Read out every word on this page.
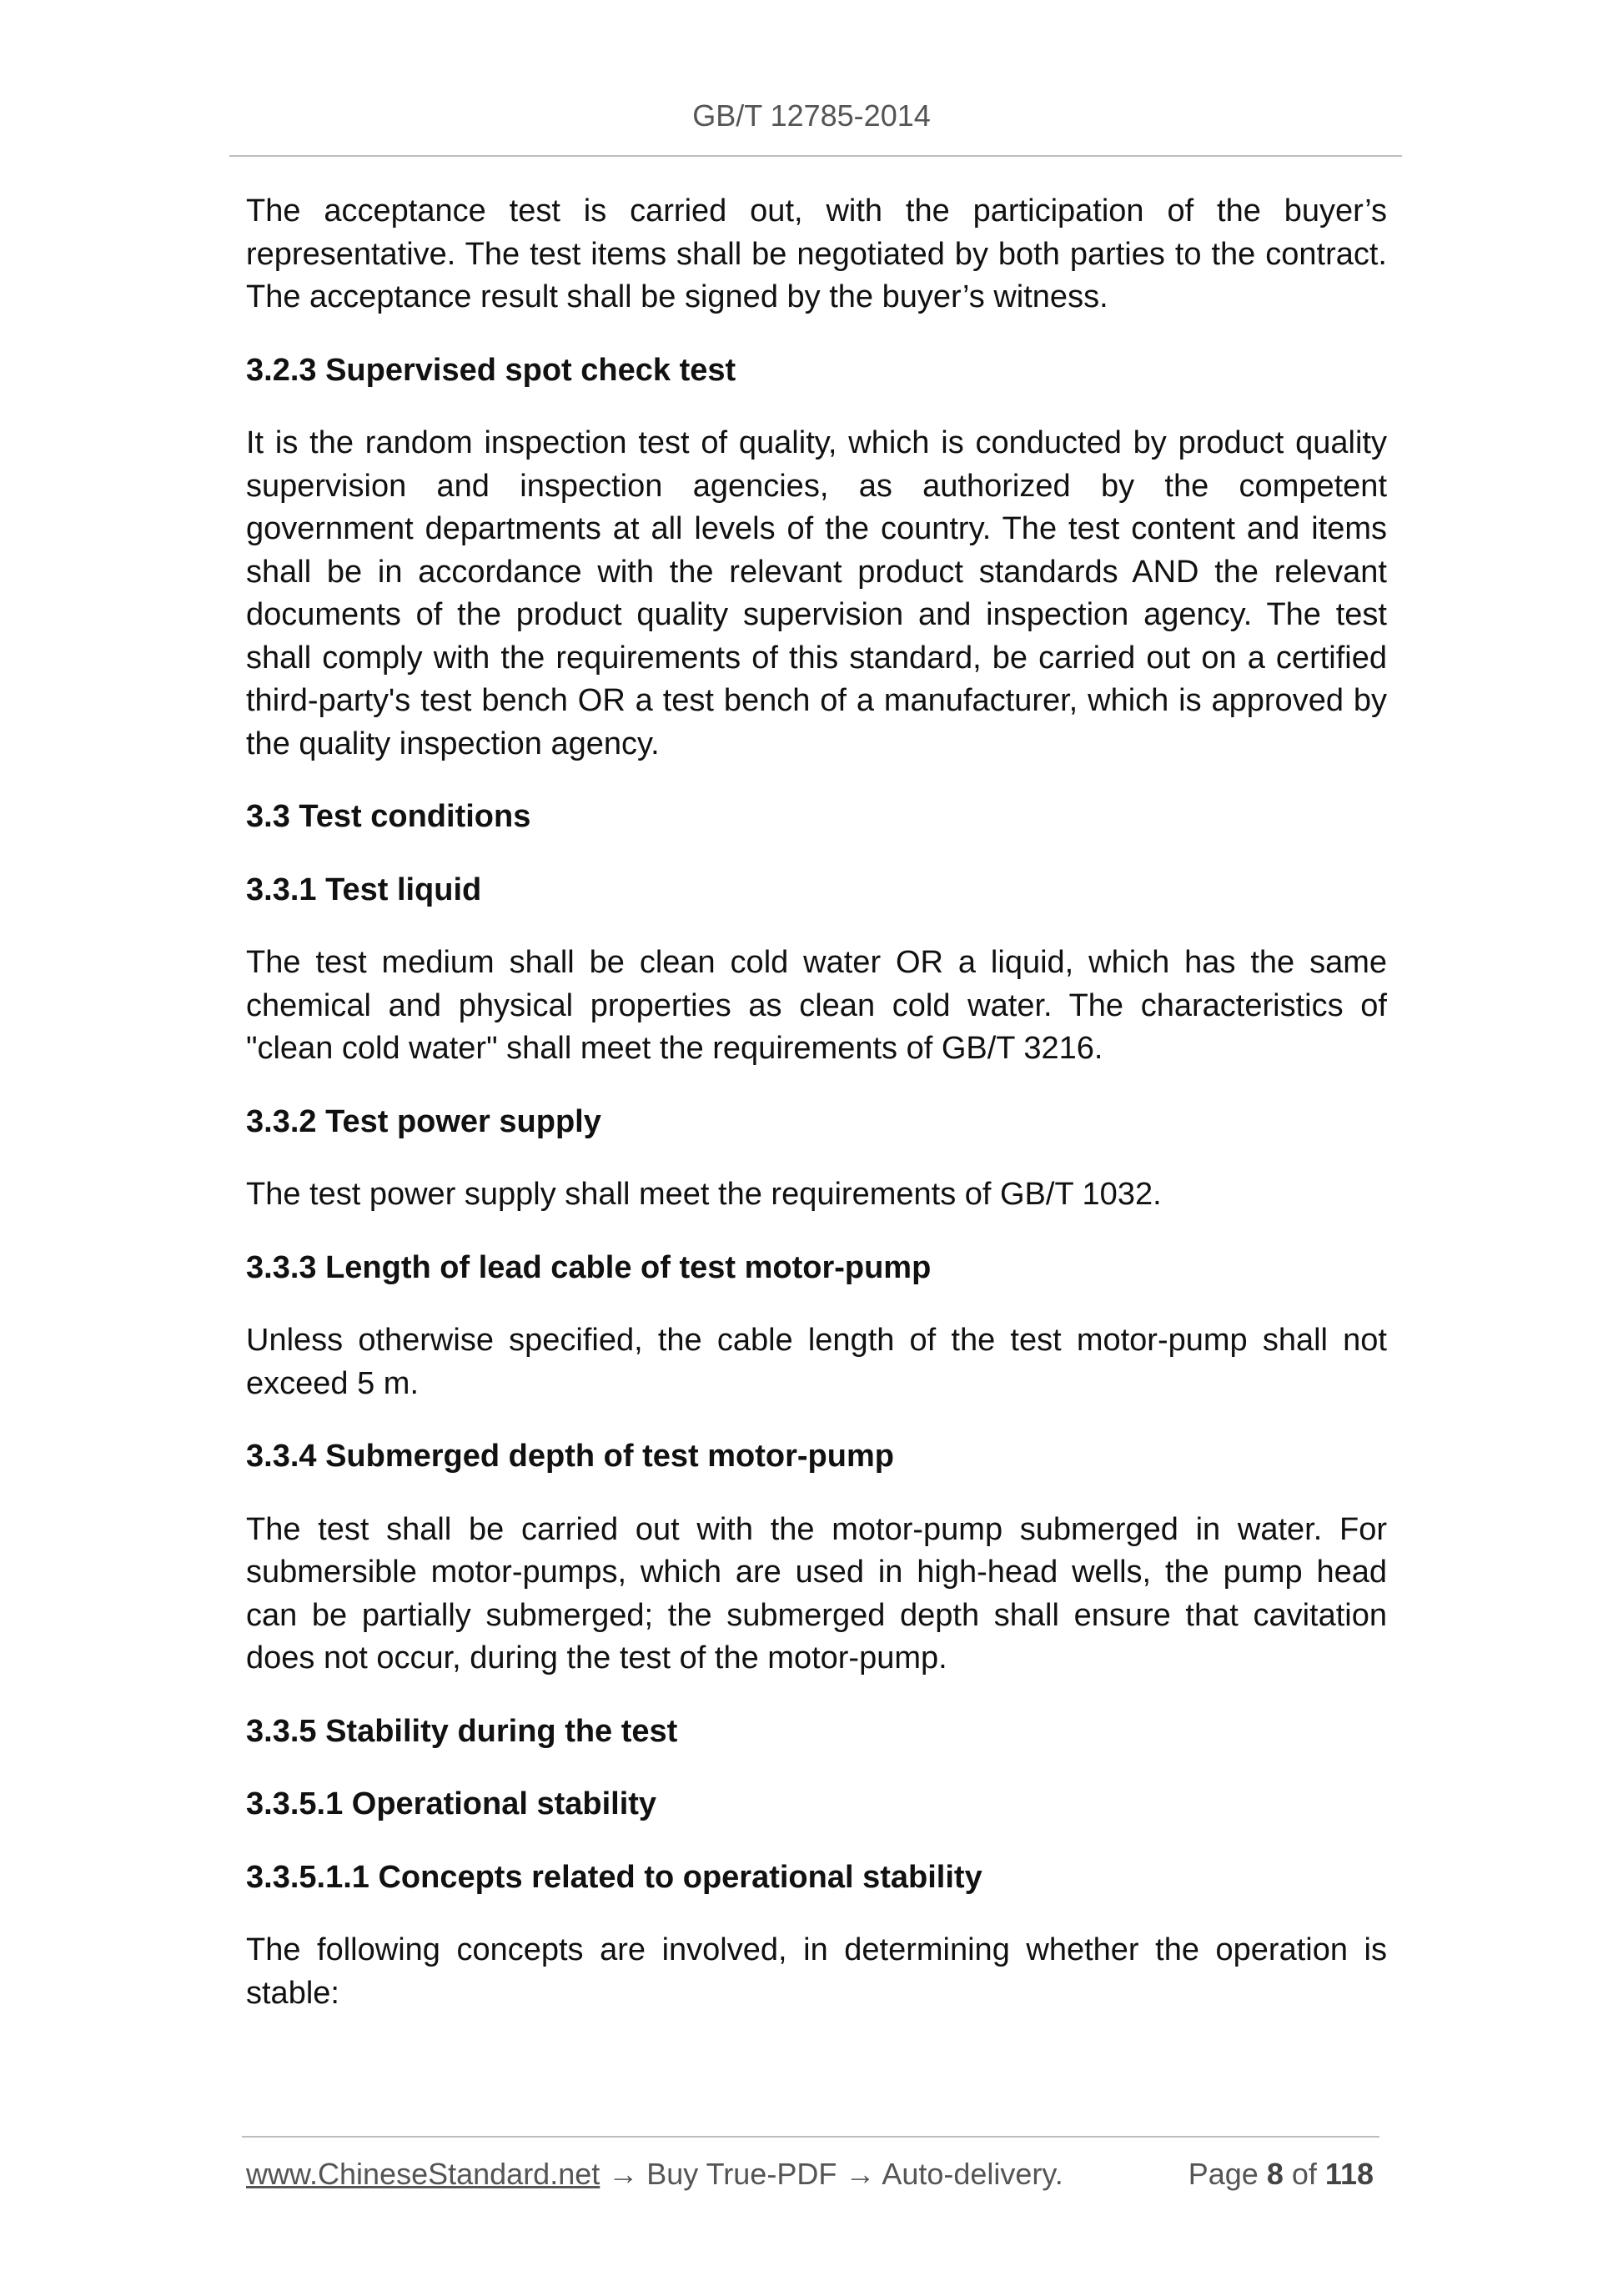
GB/T 12785-2014

The acceptance test is carried out, with the participation of the buyer’s representative. The test items shall be negotiated by both parties to the contract. The acceptance result shall be signed by the buyer’s witness.

3.2.3 Supervised spot check test

It is the random inspection test of quality, which is conducted by product quality supervision and inspection agencies, as authorized by the competent government departments at all levels of the country. The test content and items shall be in accordance with the relevant product standards AND the relevant documents of the product quality supervision and inspection agency. The test shall comply with the requirements of this standard, be carried out on a certified third-party's test bench OR a test bench of a manufacturer, which is approved by the quality inspection agency.

3.3 Test conditions

3.3.1 Test liquid

The test medium shall be clean cold water OR a liquid, which has the same chemical and physical properties as clean cold water. The characteristics of "clean cold water" shall meet the requirements of GB/T 3216.

3.3.2 Test power supply

The test power supply shall meet the requirements of GB/T 1032.

3.3.3 Length of lead cable of test motor-pump

Unless otherwise specified, the cable length of the test motor-pump shall not exceed 5 m.

3.3.4 Submerged depth of test motor-pump

The test shall be carried out with the motor-pump submerged in water. For submersible motor-pumps, which are used in high-head wells, the pump head can be partially submerged; the submerged depth shall ensure that cavitation does not occur, during the test of the motor-pump.

3.3.5 Stability during the test

3.3.5.1 Operational stability

3.3.5.1.1 Concepts related to operational stability

The following concepts are involved, in determining whether the operation is stable:

www.ChineseStandard.net → Buy True-PDF → Auto-delivery.	Page 8 of 118
